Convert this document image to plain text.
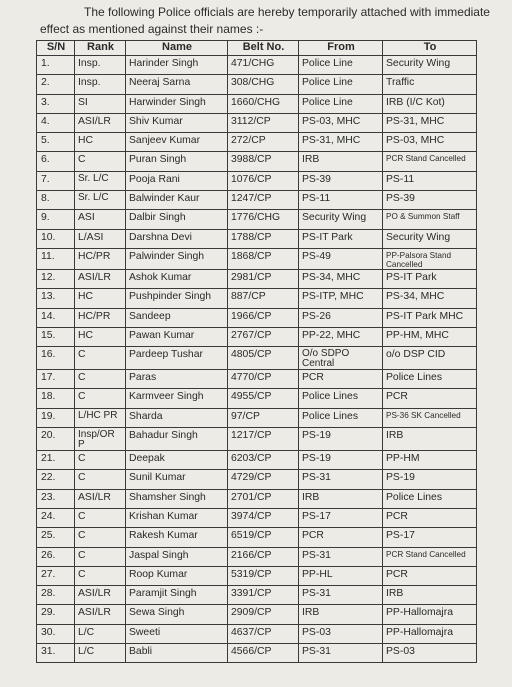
The following Police officials are hereby temporarily attached with immediate
effect as mentioned against their names :-
S/N	Rank	Name	Belt No.	From	To
1.	Insp.	Harinder Singh	471/CHG	Police Line	Security Wing
2.	Insp.	Neeraj Sarna	308/CHG	Police Line	Traffic
3.	SI	Harwinder Singh	1660/CHG	Police Line	IRB (I/C Kot)
4.	ASI/LR	Shiv Kumar	3112/CP	PS-03, MHC	PS-31, MHC
5.	HC	Sanjeev Kumar	272/CP	PS-31, MHC	PS-03, MHC
6.	C	Puran Singh	3988/CP	IRB	PCR Stand Cancelled
7.	Sr. L/C	Pooja Rani	1076/CP	PS-39	PS-11
8.	Sr. L/C	Balwinder Kaur	1247/CP	PS-11	PS-39
9.	ASI	Dalbir Singh	1776/CHG	Security Wing	PO & Summon Staff
10.	L/ASI	Darshna Devi	1788/CP	PS-IT Park	Security Wing
11.	HC/PR	Palwinder Singh	1868/CP	PS-49	PP-Palsora Stand Cancelled
12.	ASI/LR	Ashok Kumar	2981/CP	PS-34, MHC	PS-IT Park
13.	HC	Pushpinder Singh	887/CP	PS-ITP, MHC	PS-34, MHC
14.	HC/PR	Sandeep	1966/CP	PS-26	PS-IT Park MHC
15.	HC	Pawan Kumar	2767/CP	PP-22, MHC	PP-HM, MHC
16.	C	Pardeep Tushar	4805/CP	O/o SDPO Central	o/o DSP CID
17.	C	Paras	4770/CP	PCR	Police Lines
18.	C	Karmveer Singh	4955/CP	Police Lines	PCR
19.	L/HC PR	Sharda	97/CP	Police Lines	PS-36 SK Cancelled
20.	Insp/OR P	Bahadur Singh	1217/CP	PS-19	IRB
21.	C	Deepak	6203/CP	PS-19	PP-HM
22.	C	Sunil Kumar	4729/CP	PS-31	PS-19
23.	ASI/LR	Shamsher Singh	2701/CP	IRB	Police Lines
24.	C	Krishan Kumar	3974/CP	PS-17	PCR
25.	C	Rakesh Kumar	6519/CP	PCR	PS-17
26.	C	Jaspal Singh	2166/CP	PS-31	PCR Stand Cancelled
27.	C	Roop Kumar	5319/CP	PP-HL	PCR
28.	ASI/LR	Paramjit Singh	3391/CP	PS-31	IRB
29.	ASI/LR	Sewa Singh	2909/CP	IRB	PP-Hallomajra
30.	L/C	Sweeti	4637/CP	PS-03	PP-Hallomajra
31.	L/C	Babli	4566/CP	PS-31	PS-03
